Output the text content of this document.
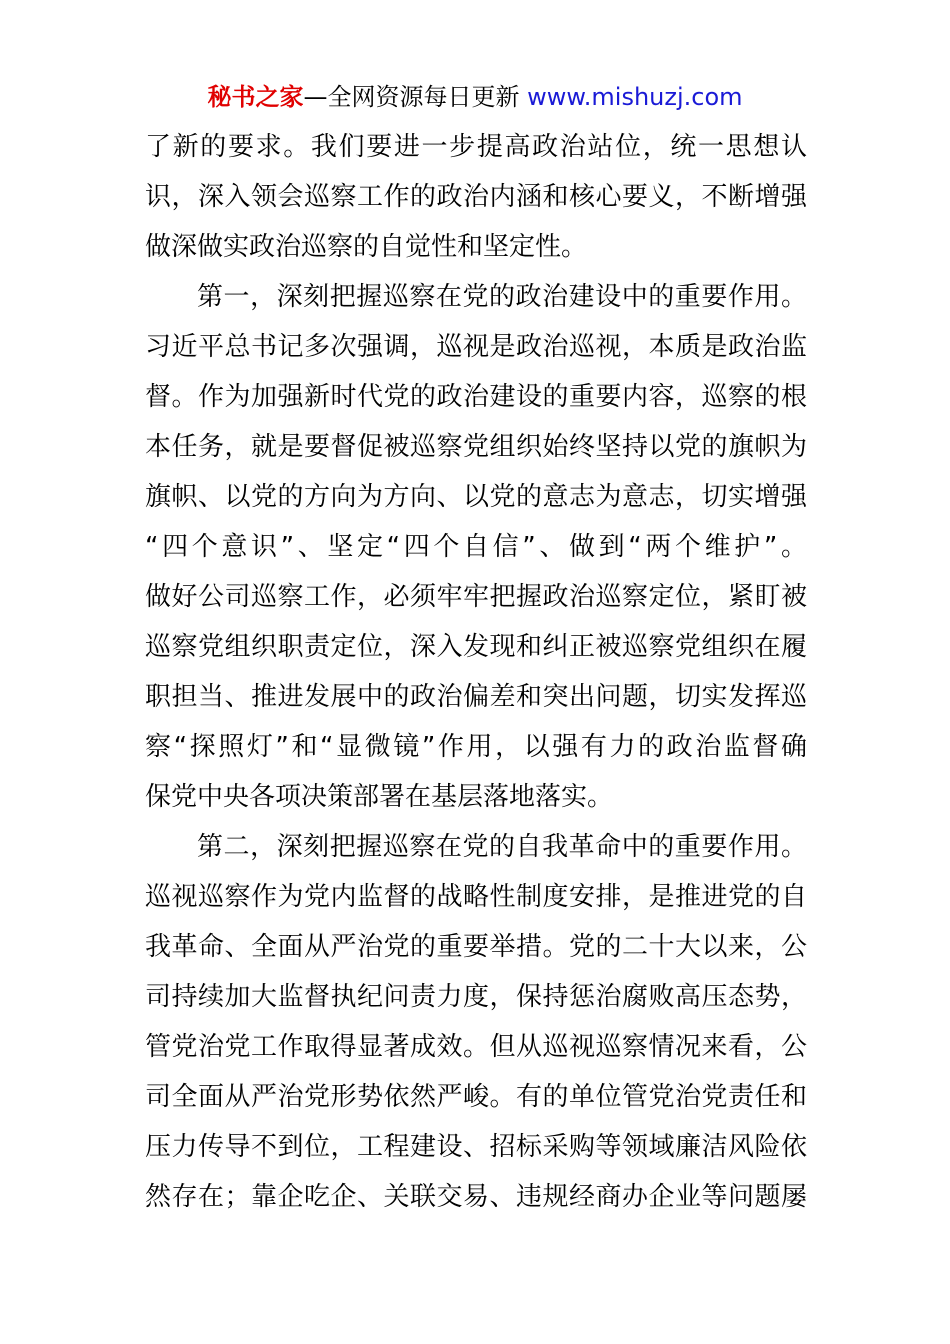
秘书之家—全网资源每日更新 www.mishuzj.com
了新的要求。我们要进一步提高政治站位，统一思想认
识，深入领会巡察工作的政治内涵和核心要义，不断增强
做深做实政治巡察的自觉性和坚定性。
第一，深刻把握巡察在党的政治建设中的重要作用。
习近平总书记多次强调，巡视是政治巡视，本质是政治监
督。作为加强新时代党的政治建设的重要内容，巡察的根
本任务，就是要督促被巡察党组织始终坚持以党的旗帜为
旗帜、以党的方向为方向、以党的意志为意志，切实增强
“四个意识”、坚定“四个自信”、做到“两个维护”。
做好公司巡察工作，必须牢牢把握政治巡察定位，紧盯被
巡察党组织职责定位，深入发现和纠正被巡察党组织在履
职担当、推进发展中的政治偏差和突出问题，切实发挥巡
察“探照灯”和“显微镜”作用，以强有力的政治监督确
保党中央各项决策部署在基层落地落实。
第二，深刻把握巡察在党的自我革命中的重要作用。
巡视巡察作为党内监督的战略性制度安排，是推进党的自
我革命、全面从严治党的重要举措。党的二十大以来，公
司持续加大监督执纪问责力度，保持惩治腐败高压态势，
管党治党工作取得显著成效。但从巡视巡察情况来看，公
司全面从严治党形势依然严峻。有的单位管党治党责任和
压力传导不到位，工程建设、招标采购等领域廉洁风险依
然存在；靠企吃企、关联交易、违规经商办企业等问题屡
